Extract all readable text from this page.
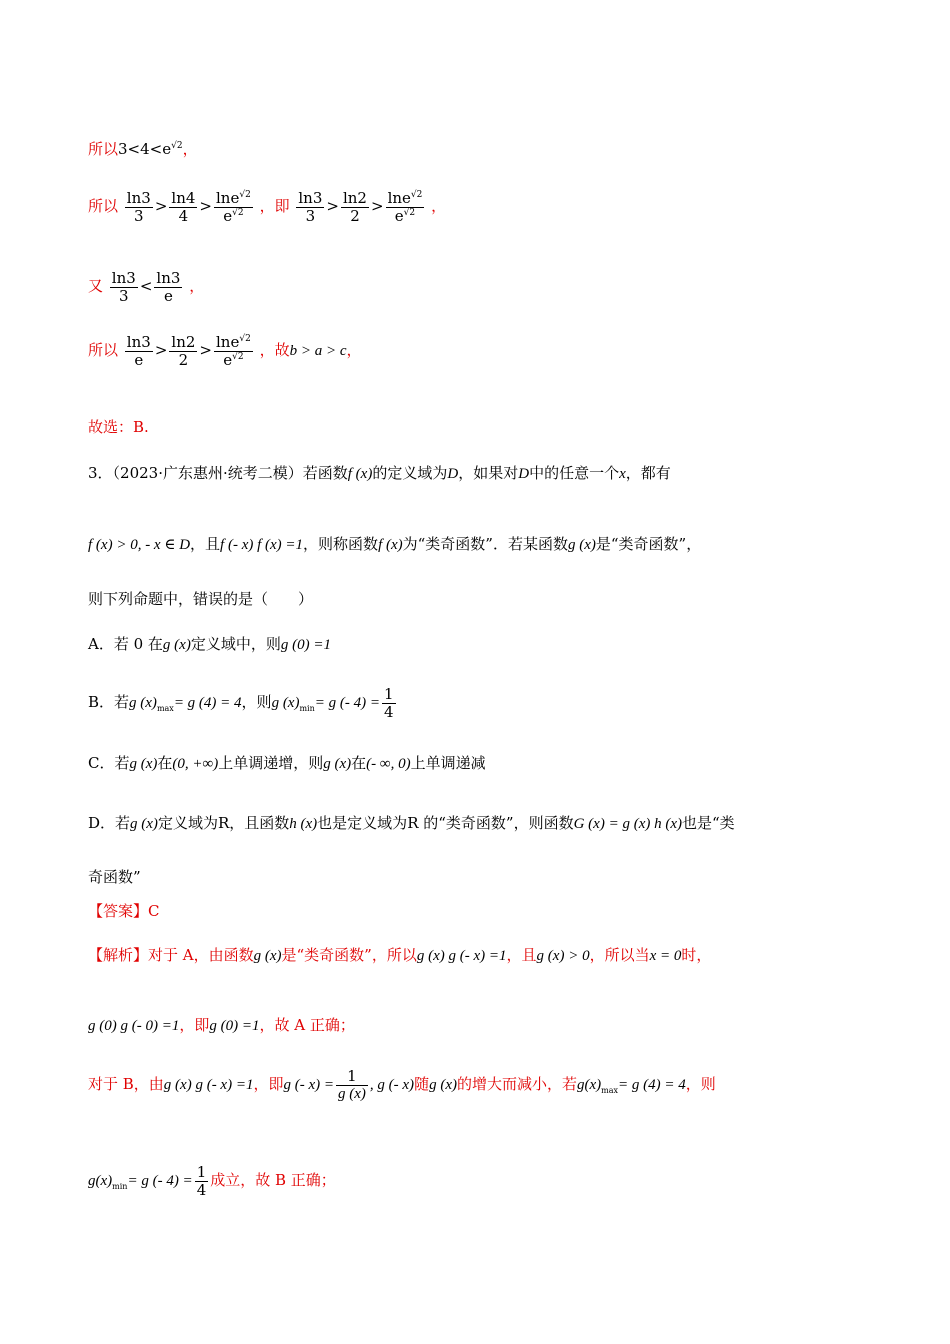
所以$3<4<e^{√2}$，
所以 $\frac{\ln 3}{3} > \frac{\ln 4}{4} > \frac{\ln e^{√2}}{e^{√2}}$ ，即 $\frac{\ln 3}{3} > \frac{\ln 2}{2} > \frac{\ln e^{√2}}{e^{√2}}$ ，
又 $\frac{\ln 3}{3} < \frac{\ln 3}{e}$ ，
所以 $\frac{\ln 3}{e} > \frac{\ln 2}{2} > \frac{\ln e^{√2}}{e^{√2}}$ ，故b > a > c，
故选：B.
3．（2023·广东惠州·统考二模）若函数f (x)的定义域为D，如果对D中的任意一个x，都有
f (x) > 0, - x ∈ D，且f (- x) f (x) =1，则称函数f (x)为“类奇函数”．若某函数g (x)是“类奇函数”，
则下列命题中，错误的是（　　）
A．若 0 在g (x)定义域中，则g (0) =1
B．若g $(x)_{max}= g$ (4) = 4，则g $(x)_{min}= g$ (- $4) = \frac{1}{4}$
C．若g (x)在(0, +∞)上单调递增，则g (x)在(- ∞, 0)上单调递减
D．若g (x)定义域为R，且函数h (x)也是定义域为R 的“类奇函数”，则函数G (x) = g (x) h (x)也是“类
奇函数”
【答案】C
【解析】对于 A，由函数g (x)是“类奇函数”，所以g (x) g (- x) =1，且g (x) > 0，所以当x = 0时，
g (0) g (- 0) =1，即g (0) =1，故 A 正确；
对于 B，由g (x) g (- x) =1，即g (- $x) = \frac{1}{g (x)}$ , g (- x)随g (x)的增大而减小，若$g(x)_{max}= g$ (4) = 4，则
$g(x)_{min}= g$ (- $4) = \frac{1}{4}$ 成立，故 B 正确；
